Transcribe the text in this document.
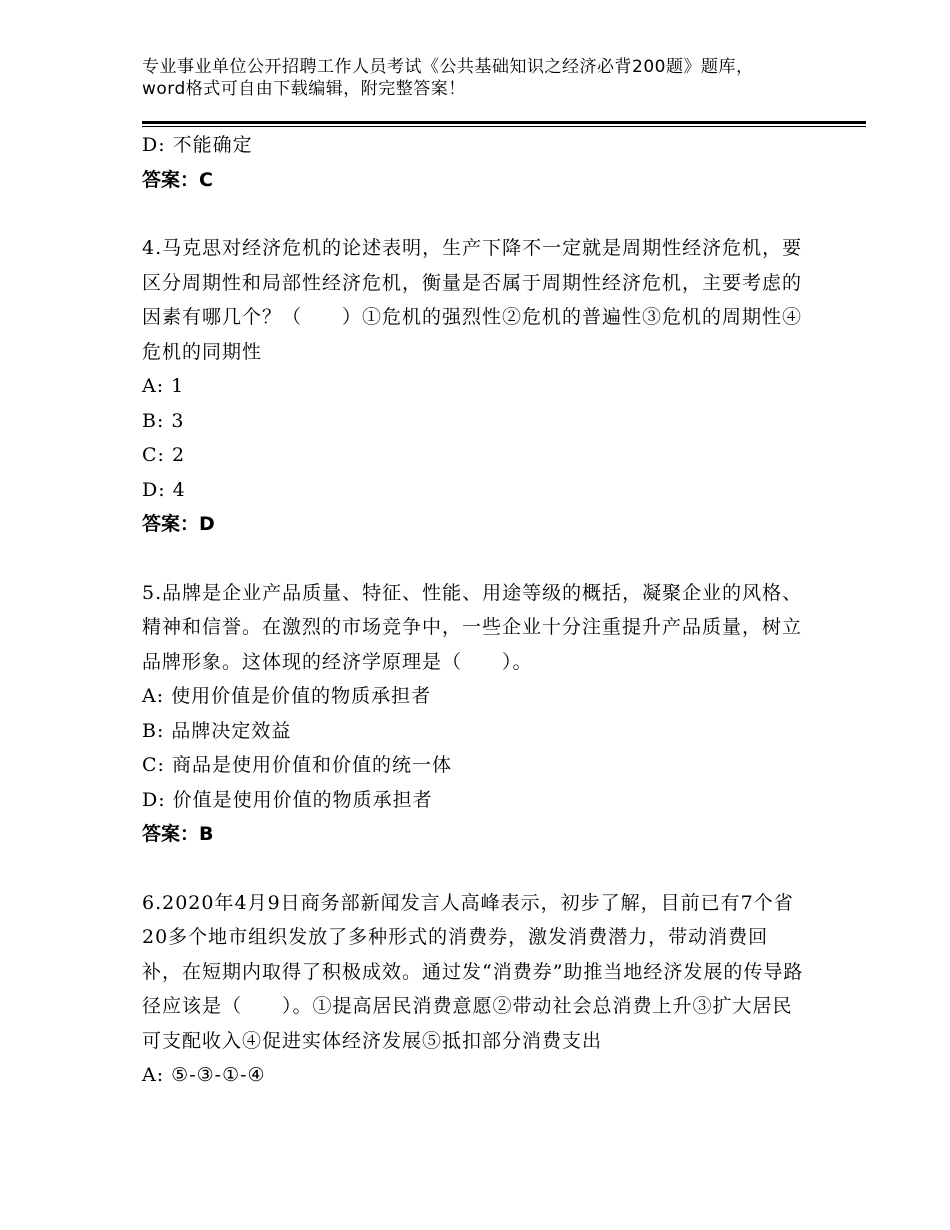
专业事业单位公开招聘工作人员考试《公共基础知识之经济必背200题》题库，word格式可自由下载编辑，附完整答案！
D: 不能确定
答案：C
4.马克思对经济危机的论述表明，生产下降不一定就是周期性经济危机，要区分周期性和局部性经济危机，衡量是否属于周期性经济危机，主要考虑的因素有哪几个？（　　）①危机的强烈性②危机的普遍性③危机的周期性④危机的同期性
A: 1
B: 3
C: 2
D: 4
答案：D
5.品牌是企业产品质量、特征、性能、用途等级的概括，凝聚企业的风格、精神和信誉。在激烈的市场竞争中，一些企业十分注重提升产品质量，树立品牌形象。这体现的经济学原理是（　　）。
A: 使用价值是价值的物质承担者
B: 品牌决定效益
C: 商品是使用价值和价值的统一体
D: 价值是使用价值的物质承担者
答案：B
6.2020年4月9日商务部新闻发言人高峰表示，初步了解，目前已有7个省20多个地市组织发放了多种形式的消费券，激发消费潜力，带动消费回补，在短期内取得了积极成效。通过发“消费券”助推当地经济发展的传导路径应该是（　　）。①提高居民消费意愿②带动社会总消费上升③扩大居民可支配收入④促进实体经济发展⑤抵扣部分消费支出
A: ⑤-③-①-④
